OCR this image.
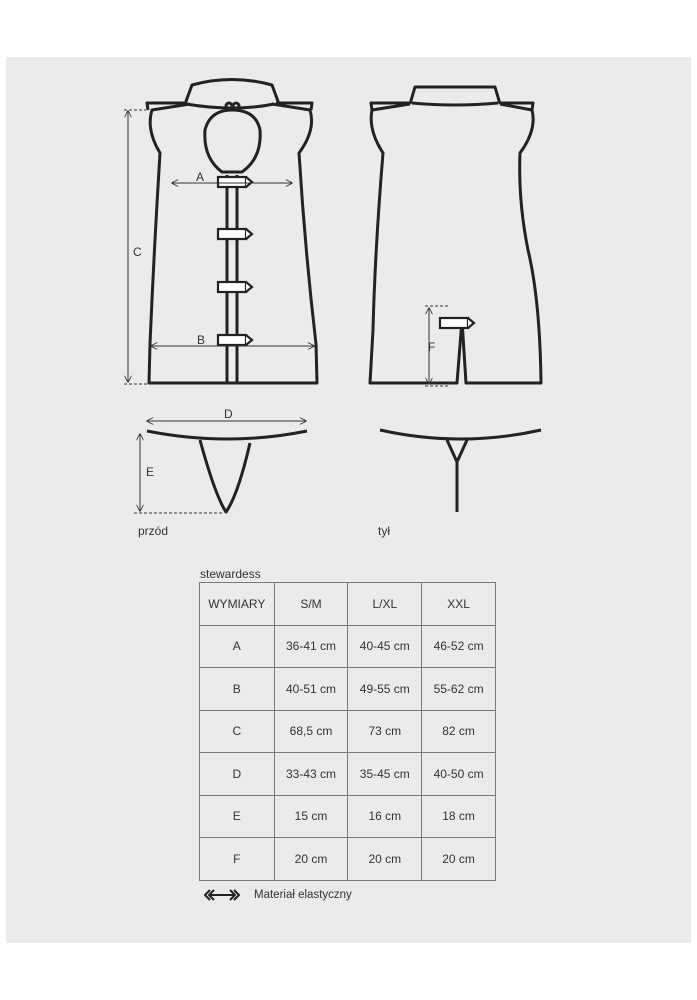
A
B
C
D
E
F
przód	tył
stewardess
WYMIARY	S/M	L/XL	XXL
A	36-41 cm	40-45 cm	46-52 cm
B	40-51 cm	49-55 cm	55-62 cm
C	68,5 cm	73 cm	82 cm
D	33-43 cm	35-45 cm	40-50 cm
E	15 cm	16 cm	18 cm
F	20 cm	20 cm	20 cm
Materiał elastyczny
